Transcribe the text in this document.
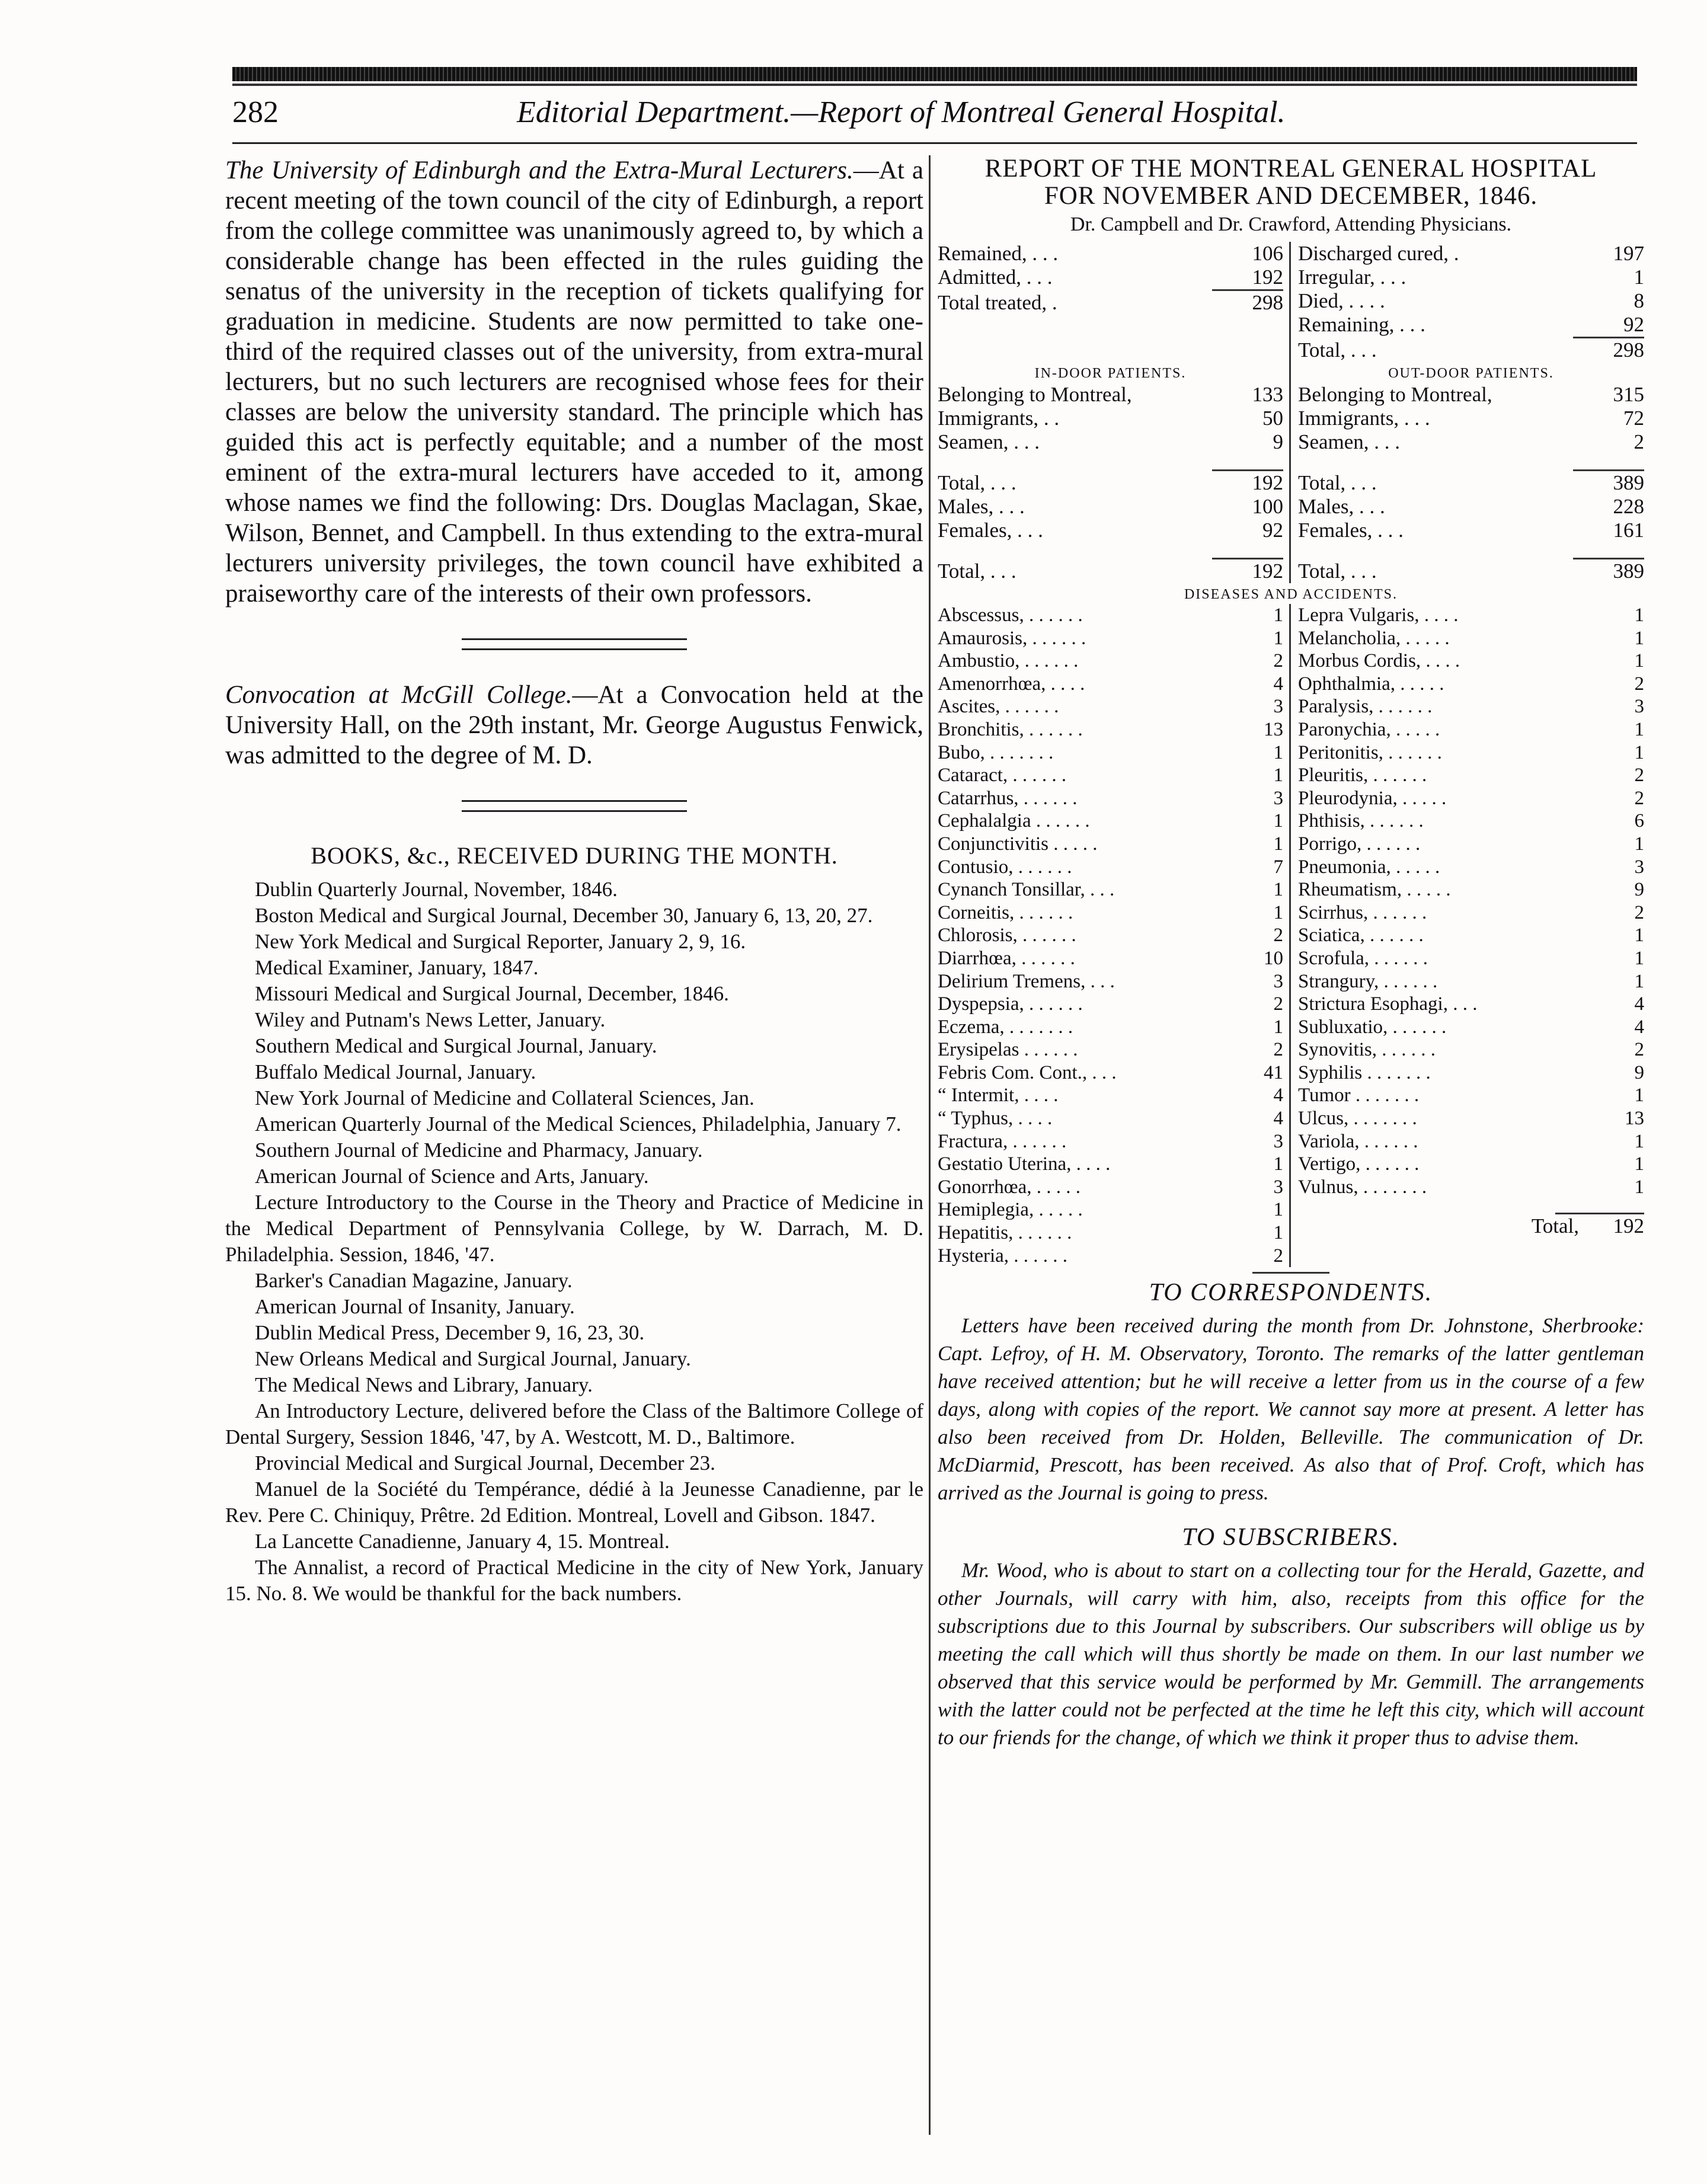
282	Editorial Department.—Report of Montreal General Hospital.

The University of Edinburgh and the Extra-Mural Lecturers.—At a recent meeting of the town council of the city of Edinburgh, a report from the college committee was unanimously agreed to, by which a considerable change has been effected in the rules guiding the senatus of the university in the reception of tickets qualifying for graduation in medicine. Students are now permitted to take one-third of the required classes out of the university, from extra-mural lecturers, but no such lecturers are recognised whose fees for their classes are below the university standard. The principle which has guided this act is perfectly equitable; and a number of the most eminent of the extra-mural lecturers have acceded to it, among whose names we find the following: Drs. Douglas Maclagan, Skae, Wilson, Bennet, and Campbell. In thus extending to the extra-mural lecturers university privileges, the town council have exhibited a praiseworthy care of the interests of their own professors.

Convocation at McGill College.—At a Convocation held at the University Hall, on the 29th instant, Mr. George Augustus Fenwick, was admitted to the degree of M. D.

BOOKS, &c., RECEIVED DURING THE MONTH.

Dublin Quarterly Journal, November, 1846.
Boston Medical and Surgical Journal, December 30, January 6, 13, 20, 27.
New York Medical and Surgical Reporter, January 2, 9, 16.
Medical Examiner, January, 1847.
Missouri Medical and Surgical Journal, December, 1846.
Wiley and Putnam's News Letter, January.
Southern Medical and Surgical Journal, January.
Buffalo Medical Journal, January.
New York Journal of Medicine and Collateral Sciences, Jan.
American Quarterly Journal of the Medical Sciences, Philadelphia, January 7.
Southern Journal of Medicine and Pharmacy, January.
American Journal of Science and Arts, January.
Lecture Introductory to the Course in the Theory and Practice of Medicine in the Medical Department of Pennsylvania College, by W. Darrach, M. D. Philadelphia. Session, 1846, '47.
Barker's Canadian Magazine, January.
American Journal of Insanity, January.
Dublin Medical Press, December 9, 16, 23, 30.
New Orleans Medical and Surgical Journal, January.
The Medical News and Library, January.
An Introductory Lecture, delivered before the Class of the Baltimore College of Dental Surgery, Session 1846, '47, by A. Westcott, M. D., Baltimore.
Provincial Medical and Surgical Journal, December 23.
Manuel de la Société du Tempérance, dédié à la Jeunesse Canadienne, par le Rev. Pere C. Chiniquy, Prêtre. 2d Edition. Montreal, Lovell and Gibson. 1847.
La Lancette Canadienne, January 4, 15. Montreal.
The Annalist, a record of Practical Medicine in the city of New York, January 15. No. 8. We would be thankful for the back numbers.

REPORT OF THE MONTREAL GENERAL HOSPITAL

FOR NOVEMBER AND DECEMBER, 1846.

Dr. Campbell and Dr. Crawford, Attending Physicians.

Remained, . . .	106
Admitted, . . .	192
Total treated, .	298
Discharged cured, .	197
Irregular, . . .	1
Died, . . . .	8
Remaining, . . .	92
Total, . . .	298
IN-DOOR PATIENTS.
Belonging to Montreal,	133
Immigrants, . .	50
Seamen, . . .	9
Total, . . .	192
Males, . . .	100
Females, . . .	92
Total, . . .	192
OUT-DOOR PATIENTS.
Belonging to Montreal,	315
Immigrants, . . .	72
Seamen, . . .	2
Total, . . .	389
Males, . . .	228
Females, . . .	161
Total, . . .	389
DISEASES AND ACCIDENTS.
Abscessus, . . . . . .	1
Amaurosis, . . . . . .	1
Ambustio, . . . . . .	2
Amenorrhœa, . . . .	4
Ascites, . . . . . .	3
Bronchitis, . . . . . .	13
Bubo, . . . . . . .	1
Cataract, . . . . . .	1
Catarrhus, . . . . . .	3
Cephalalgia . . . . . .	1
Conjunctivitis . . . . .	1
Contusio, . . . . . .	7
Cynanch Tonsillar, . . .	1
Corneitis, . . . . . .	1
Chlorosis, . . . . . .	2
Diarrhœa, . . . . . .	10
Delirium Tremens, . . .	3
Dyspepsia, . . . . . .	2
Eczema, . . . . . . .	1
Erysipelas . . . . . .	2
Febris Com. Cont., . . .	41
“ Intermit, . . . .	4
“ Typhus, . . . .	4
Fractura, . . . . . .	3
Gestatio Uterina, . . . .	1
Gonorrhœa, . . . . .	3
Hemiplegia, . . . . .	1
Hepatitis, . . . . . .	1
Hysteria, . . . . . .	2
Lepra Vulgaris, . . . .	1
Melancholia, . . . . .	1
Morbus Cordis, . . . .	1
Ophthalmia, . . . . .	2
Paralysis, . . . . . .	3
Paronychia, . . . . .	1
Peritonitis, . . . . . .	1
Pleuritis, . . . . . .	2
Pleurodynia, . . . . .	2
Phthisis, . . . . . .	6
Porrigo, . . . . . .	1
Pneumonia, . . . . .	3
Rheumatism, . . . . .	9
Scirrhus, . . . . . .	2
Sciatica, . . . . . .	1
Scrofula, . . . . . .	1
Strangury, . . . . . .	1
Strictura Esophagi, . . .	4
Subluxatio, . . . . . .	4
Synovitis, . . . . . .	2
Syphilis . . . . . . .	9
Tumor . . . . . . .	1
Ulcus, . . . . . . .	13
Variola, . . . . . .	1
Vertigo, . . . . . .	1
Vulnus, . . . . . . .	1
Total,	192

TO CORRESPONDENTS.

Letters have been received during the month from Dr. Johnstone, Sherbrooke: Capt. Lefroy, of H. M. Observatory, Toronto. The remarks of the latter gentleman have received attention; but he will receive a letter from us in the course of a few days, along with copies of the report. We cannot say more at present. A letter has also been received from Dr. Holden, Belleville. The communication of Dr. McDiarmid, Prescott, has been received. As also that of Prof. Croft, which has arrived as the Journal is going to press.

TO SUBSCRIBERS.

Mr. Wood, who is about to start on a collecting tour for the Herald, Gazette, and other Journals, will carry with him, also, receipts from this office for the subscriptions due to this Journal by subscribers. Our subscribers will oblige us by meeting the call which will thus shortly be made on them. In our last number we observed that this service would be performed by Mr. Gemmill. The arrangements with the latter could not be perfected at the time he left this city, which will account to our friends for the change, of which we think it proper thus to advise them.
